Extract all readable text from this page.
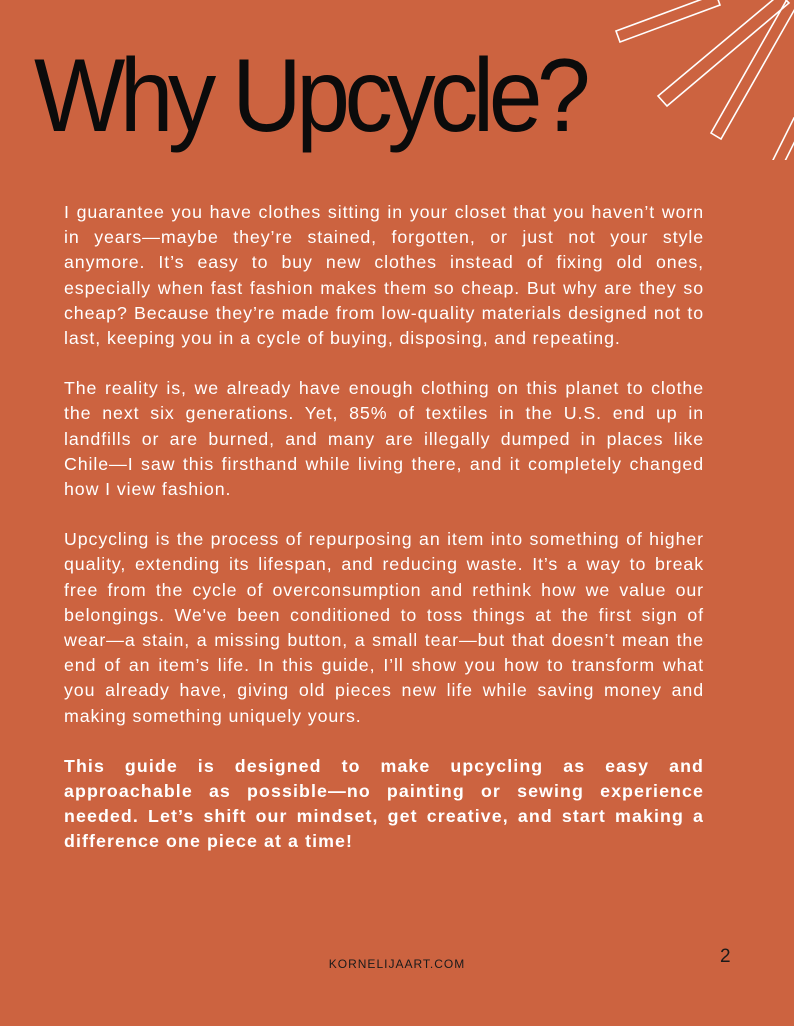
Why Upcycle?

I guarantee you have clothes sitting in your closet that you haven’t worn in years—maybe they’re stained, forgotten, or just not your style anymore. It’s easy to buy new clothes instead of fixing old ones, especially when fast fashion makes them so cheap. But why are they so cheap? Because they’re made from low-quality materials designed not to last, keeping you in a cycle of buying, disposing, and repeating.

The reality is, we already have enough clothing on this planet to clothe the next six generations. Yet, 85% of textiles in the U.S. end up in landfills or are burned, and many are illegally dumped in places like Chile—I saw this firsthand while living there, and it completely changed how I view fashion.

Upcycling is the process of repurposing an item into something of higher quality, extending its lifespan, and reducing waste. It’s a way to break free from the cycle of overconsumption and rethink how we value our belongings. We've been conditioned to toss things at the first sign of wear—a stain, a missing button, a small tear—but that doesn’t mean the end of an item’s life. In this guide, I’ll show you how to transform what you already have, giving old pieces new life while saving money and making something uniquely yours.

This guide is designed to make upcycling as easy and approachable as possible—no painting or sewing experience needed. Let’s shift our mindset, get creative, and start making a difference one piece at a time!

KORNELIJAART.COM	2
